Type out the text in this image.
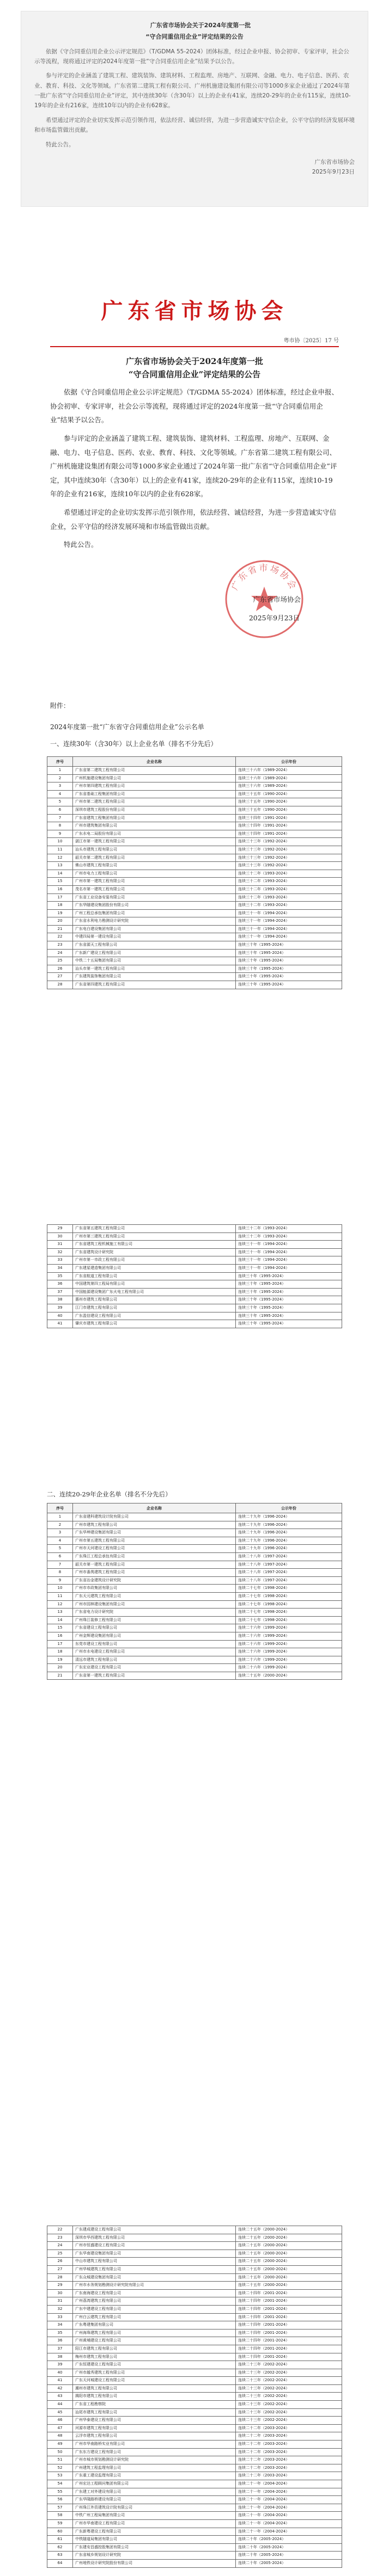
广东省市场协会关于2024年度第一批

“守合同重信用企业”评定结果的公告

依据《守合同重信用企业公示评定规范》（T/GDMA 55-2024）团体标准，经过企业申报、协会初审、专家评审，社会公示等流程，现将通过评定的2024年度第一批“守合同重信用企业”结果予以公告。

参与评定的企业涵盖了建筑工程、建筑装饰、建筑材料、工程监理、房地产、互联网、金融、电力、电子信息、医药、农业、教育、科技、文化等领域。广东省第二建筑工程有限公司、广州机施建设集团有限公司等1000多家企业通过了2024年第一批广东省“守合同重信用企业”评定，其中连续30年（含30年）以上的企业有41家，连续20-29年的企业有115家，连续10-19年的企业有216家，连续10年以内的企业有628家。

希望通过评定的企业切实发挥示范引领作用，依法经营、诚信经营，为进一步营造诚实守信企业，公平守信的经济发展环境和市场监管做出贡献。

特此公告。

广东省市场协会

2025年9月23日

广东省市场协会
粤市协〔2025〕17 号
广东省市场协会关于2024年度第一批
“守合同重信用企业”评定结果的公告

依据《守合同重信用企业公示评定规范》（T/GDMA 55-2024）团体标准，经过企业申报、协会初审、专家评审，社会公示等流程，现将通过评定的2024年度第一批“守合同重信用企业”结果予以公告。

参与评定的企业涵盖了建筑工程、建筑装饰、建筑材料、工程监理、房地产、互联网、金融、电力、电子信息、医药、农业、教育、科技、文化等领域。广东省第二建筑工程有限公司、广州机施建设集团有限公司等1000多家企业通过了2024年第一批广东省“守合同重信用企业”评定，其中连续30年（含30年）以上的企业有41家，连续20-29年的企业有115家，连续10-19年的企业有216家，连续10年以内的企业有628家。

希望通过评定的企业切实发挥示范引领作用，依法经营、诚信经营，为进一步营造诚实守信企业，公平守信的经济发展环境和市场监管做出贡献。

特此公告。

广东省市场协会
广东省市场协会
2025年9月23日

附件：

2024年度第一批“广东省守合同重信用企业”公示名单

一、连续30年（含30年）以上企业名单（排名不分先后）

序号	企业名称	公示年份
1	广东省第二建筑工程有限公司	连续三十六年（1989-2024）
2	广州机施建设集团有限公司	连续三十六年（1989-2024）
3	广州市第四建筑工程有限公司	连续三十六年（1989-2024）
4	广东省基础工程集团有限公司	连续三十五年（1990-2024）
5	广州市第二建筑工程有限公司	连续三十五年（1990-2024）
6	深圳市建筑工程股份有限公司	连续三十五年（1990-2024）
7	广东省建筑工程集团有限公司	连续三十四年（1991-2024）
8	广州市建筑集团有限公司	连续三十四年（1991-2024）
9	广东水电二局股份有限公司	连续三十四年（1991-2024）
10	湛江市第一建筑工程有限公司	连续三十三年（1992-2024）
11	汕头市建筑工程有限公司	连续三十三年（1992-2024）
12	韶关市第二建筑工程有限公司	连续三十三年（1992-2024）
13	佛山市建筑工程有限公司	连续三十三年（1992-2024）
14	广州市电力工程有限公司	连续三十二年（1993-2024）
15	广州市第一建筑工程有限公司	连续三十二年（1993-2024）
16	茂名市第一建筑工程有限公司	连续三十二年（1993-2024）
17	广东省工业设备安装有限公司	连续三十二年（1993-2024）
18	广东华隧建设集团股份有限公司	连续三十二年（1993-2024）
19	广州工程总承包集团有限公司	连续三十一年（1994-2024）
20	广东省水利电力勘测设计研究院	连续三十一年（1994-2024）
21	广东电白建设集团有限公司	连续三十一年（1994-2024）
22	中建四局第一建设有限公司	连续三十一年（1994-2024）
23	广东省源天工程有限公司	连续三十年（1995-2024）
24	广东新广建设工程有限公司	连续三十年（1995-2024）
25	中铁二十五局集团有限公司	连续三十年（1995-2024）
26	汕头市第一建筑工程有限公司	连续三十年（1995-2024）
27	广东建筑装饰集团有限公司	连续三十年（1995-2024）
28	广东省第四建筑工程有限公司	连续三十年（1995-2024）
29	广东省第五建筑工程有限公司	连续三十二年（1993-2024）
30	广州市第三建筑工程有限公司	连续三十二年（1993-2024）
31	广东省建筑工程机械施工有限公司	连续三十一年（1994-2024）
32	广东省建筑设计研究院	连续三十一年（1994-2024）
33	广州市第一市政工程有限公司	连续三十一年（1994-2024）
34	广东建星建造集团有限公司	连续三十一年（1994-2024）
35	广东省航道工程有限公司	连续三十年（1995-2024）
36	中国建筑第四工程局有限公司	连续三十年（1995-2024）
37	中国能源建设集团广东火电工程有限公司	连续三十年（1995-2024）
38	惠州市建筑工程有限公司	连续三十年（1995-2024）
39	江门市建筑工程有限公司	连续三十年（1995-2024）
40	广东盈信建设工程有限公司	连续三十年（1995-2024）
41	肇庆市建筑工程有限公司	连续三十年（1995-2024）
二、连续20-29年企业名单（排名不分先后）
序号	企业名称	公示年份
1	广东省建科建筑设计院有限公司	连续二十九年（1996-2024）
2	广州市建筑工程有限公司	连续二十九年（1996-2024）
3	广东华坤建设集团有限公司	连续二十九年（1996-2024）
4	广州市第五建筑工程有限公司	连续二十九年（1996-2024）
5	广州市天河建设工程有限公司	连续二十九年（1996-2024）
6	广东珠江工程总承包有限公司	连续二十八年（1997-2024）
7	韶关市第一建筑工程有限公司	连续二十八年（1997-2024）
8	广州市番禺建筑工程有限公司	连续二十八年（1997-2024）
9	广东省冶金建筑设计研究院	连续二十八年（1997-2024）
10	广州市市政集团有限公司	连续二十七年（1998-2024）
11	广东天元建筑工程有限公司	连续二十七年（1998-2024）
12	广州市园林建设集团有限公司	连续二十七年（1998-2024）
13	广东省电力设计研究院	连续二十七年（1998-2024）
14	广州珠江装修工程有限公司	连续二十七年（1998-2024）
15	广东省建设工程有限公司	连续二十六年（1999-2024）
16	广州金辉建设集团有限公司	连续二十六年（1999-2024）
17	东莞市建设工程有限公司	连续二十六年（1999-2024）
18	广州市水电建设工程有限公司	连续二十六年（1999-2024）
19	清远市建筑工程有限公司	连续二十六年（1999-2024）
20	广东宏业建设工程有限公司	连续二十六年（1999-2024）
21	广东省第一建筑工程有限公司	连续二十五年（2000-2024）
22	广东建成建设工程有限公司	连续二十五年（2000-2024）
23	深圳市华西建筑工程有限公司	连续二十五年（2000-2024）
24	广州市恒盛建设工程有限公司	连续二十五年（2000-2024）
25	广东华南建设集团有限公司	连续二十五年（2000-2024）
26	中山市建筑工程有限公司	连续二十五年（2000-2024）
27	广州华城建筑工程有限公司	连续二十五年（2000-2024）
28	广东众城建设集团有限公司	连续二十五年（2000-2024）
29	广州市水务规划勘测设计研究院有限公司	连续二十五年（2000-2024）
30	广东南海建设工程有限公司	连续二十四年（2001-2024）
31	广州荔湾建筑工程有限公司	连续二十四年（2001-2024）
32	广东中建建设工程有限公司	连续二十四年（2001-2024）
33	广州白云建筑工程有限公司	连续二十四年（2001-2024）
34	广东粤建集团有限公司	连续二十四年（2001-2024）
35	广州海珠建筑工程有限公司	连续二十四年（2001-2024）
36	广州黄埔建设工程有限公司	连续二十四年（2001-2024）
37	阳江市建筑工程有限公司	连续二十四年（2001-2024）
38	梅州市建筑工程有限公司	连续二十四年（2001-2024）
39	广东恒建建设工程有限公司	连续二十三年（2002-2024）
40	广州市越秀建筑工程有限公司	连续二十三年（2002-2024）
41	广东天河城建设工程有限公司	连续二十三年（2002-2024）
42	潮州市建筑工程有限公司	连续二十三年（2002-2024）
43	揭阳市建筑工程有限公司	连续二十三年（2002-2024）
44	广东省工程勘察院	连续二十三年（2002-2024）
45	汕尾市建筑工程有限公司	连续二十三年（2002-2024）
46	广州华泰建设工程有限公司	连续二十三年（2002-2024）
47	河源市建筑工程有限公司	连续二十二年（2003-2024）
48	云浮市建筑工程有限公司	连续二十二年（2003-2024）
49	广州市华南路桥实业有限公司	连续二十二年（2003-2024）
50	广东东方建设工程有限公司	连续二十二年（2003-2024）
51	广州市城市规划勘测设计研究院	连续二十二年（2003-2024）
52	广州建筑工程监理有限公司	连续二十二年（2003-2024）
53	广东重工建设监理有限公司	连续二十二年（2003-2024）
54	广州宏达工程顾问集团有限公司	连续二十一年（2004-2024）
55	广东建工对外建设有限公司	连续二十一年（2004-2024）
56	广东华隆路桥建设有限公司	连续二十一年（2004-2024）
57	广州珠江外资建筑设计院有限公司	连续二十一年（2004-2024）
58	中铁广州工程局集团有限公司	连续二十一年（2004-2024）
59	广州市华南建设工程有限公司	连续二十一年（2004-2024）
60	广东新粤建设工程有限公司	连续二十一年（2004-2024）
61	中铁隧道局集团有限公司	连续二十年（2005-2024）
62	广东建安昌盛控股集团有限公司	连续二十年（2005-2024）
63	广东省城乡规划设计研究院	连续二十年（2005-2024）
64	广州地铁设计研究院股份有限公司	连续二十年（2005-2024）
